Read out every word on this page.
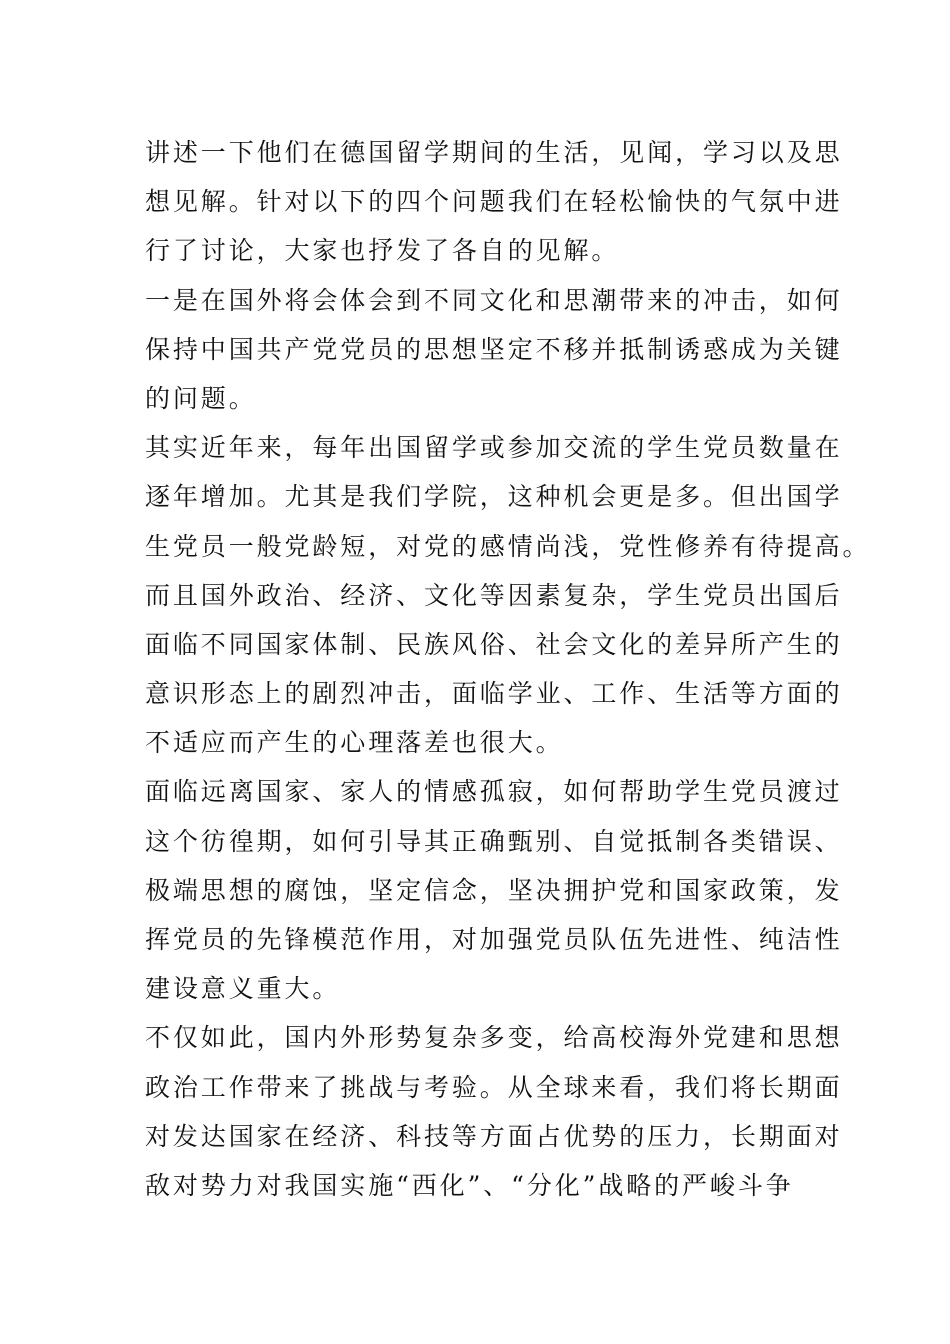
讲述一下他们在德国留学期间的生活，见闻，学习以及思
想见解。针对以下的四个问题我们在轻松愉快的气氛中进
行了讨论，大家也抒发了各自的见解。
一是在国外将会体会到不同文化和思潮带来的冲击，如何
保持中国共产党党员的思想坚定不移并抵制诱惑成为关键
的问题。
其实近年来，每年出国留学或参加交流的学生党员数量在
逐年增加。尤其是我们学院，这种机会更是多。但出国学
生党员一般党龄短，对党的感情尚浅，党性修养有待提高。
而且国外政治、经济、文化等因素复杂，学生党员出国后
面临不同国家体制、民族风俗、社会文化的差异所产生的
意识形态上的剧烈冲击，面临学业、工作、生活等方面的
不适应而产生的心理落差也很大。
面临远离国家、家人的情感孤寂，如何帮助学生党员渡过
这个彷徨期，如何引导其正确甄别、自觉抵制各类错误、
极端思想的腐蚀，坚定信念，坚决拥护党和国家政策，发
挥党员的先锋模范作用，对加强党员队伍先进性、纯洁性
建设意义重大。
不仅如此，国内外形势复杂多变，给高校海外党建和思想
政治工作带来了挑战与考验。从全球来看，我们将长期面
对发达国家在经济、科技等方面占优势的压力，长期面对
敌对势力对我国实施“西化”、“分化”战略的严峻斗争
